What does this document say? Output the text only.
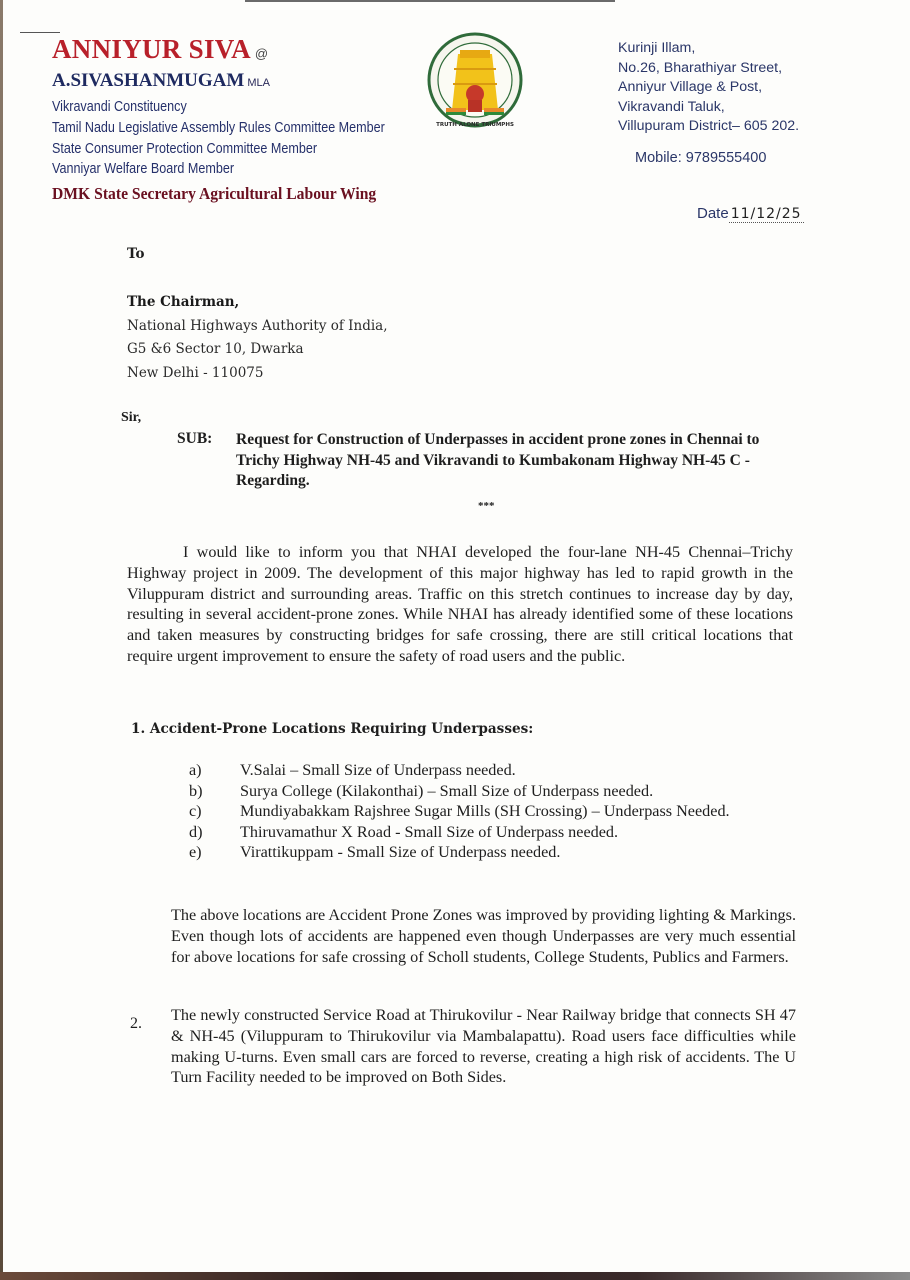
ANNIYUR SIVA @
A.SIVASHANMUGAM MLA
Vikravandi Constituency
Tamil Nadu Legislative Assembly Rules Committee Member
State Consumer Protection Committee Member
Vanniyar Welfare Board Member
DMK State Secretary Agricultural Labour Wing
TRUTH ALONE TRIUMPHS
Kurinji Illam,
No.26, Bharathiyar Street,
Anniyur Village & Post,
Vikravandi Taluk,
Villupuram District– 605 202.
Mobile: 9789555400
Date 11/12/25
To
The Chairman,
National Highways Authority of India,
G5 &6 Sector 10, Dwarka
New Delhi - 110075
Sir,
SUB: Request for Construction of Underpasses in accident prone zones in Chennai to Trichy Highway NH-45 and Vikravandi to Kumbakonam Highway NH-45 C -Regarding.
***
I would like to inform you that NHAI developed the four-lane NH-45 Chennai–Trichy Highway project in 2009. The development of this major highway has led to rapid growth in the Viluppuram district and surrounding areas. Traffic on this stretch continues to increase day by day, resulting in several accident-prone zones. While NHAI has already identified some of these locations and taken measures by constructing bridges for safe crossing, there are still critical locations that require urgent improvement to ensure the safety of road users and the public.
1. Accident-Prone Locations Requiring Underpasses:
a)	V.Salai – Small Size of Underpass needed.
b)	Surya College (Kilakonthai) – Small Size of Underpass needed.
c)	Mundiyabakkam Rajshree Sugar Mills (SH Crossing) – Underpass Needed.
d)	Thiruvamathur X Road - Small Size of Underpass needed.
e)	Virattikuppam - Small Size of Underpass needed.
The above locations are Accident Prone Zones was improved by providing lighting & Markings. Even though lots of accidents are happened even though Underpasses are very much essential for above locations for safe crossing of Scholl students, College Students, Publics and Farmers.
2. The newly constructed Service Road at Thirukovilur - Near Railway bridge that connects SH 47 & NH-45 (Viluppuram to Thirukovilur via Mambalapattu). Road users face difficulties while making U-turns. Even small cars are forced to reverse, creating a high risk of accidents. The U Turn Facility needed to be improved on Both Sides.
